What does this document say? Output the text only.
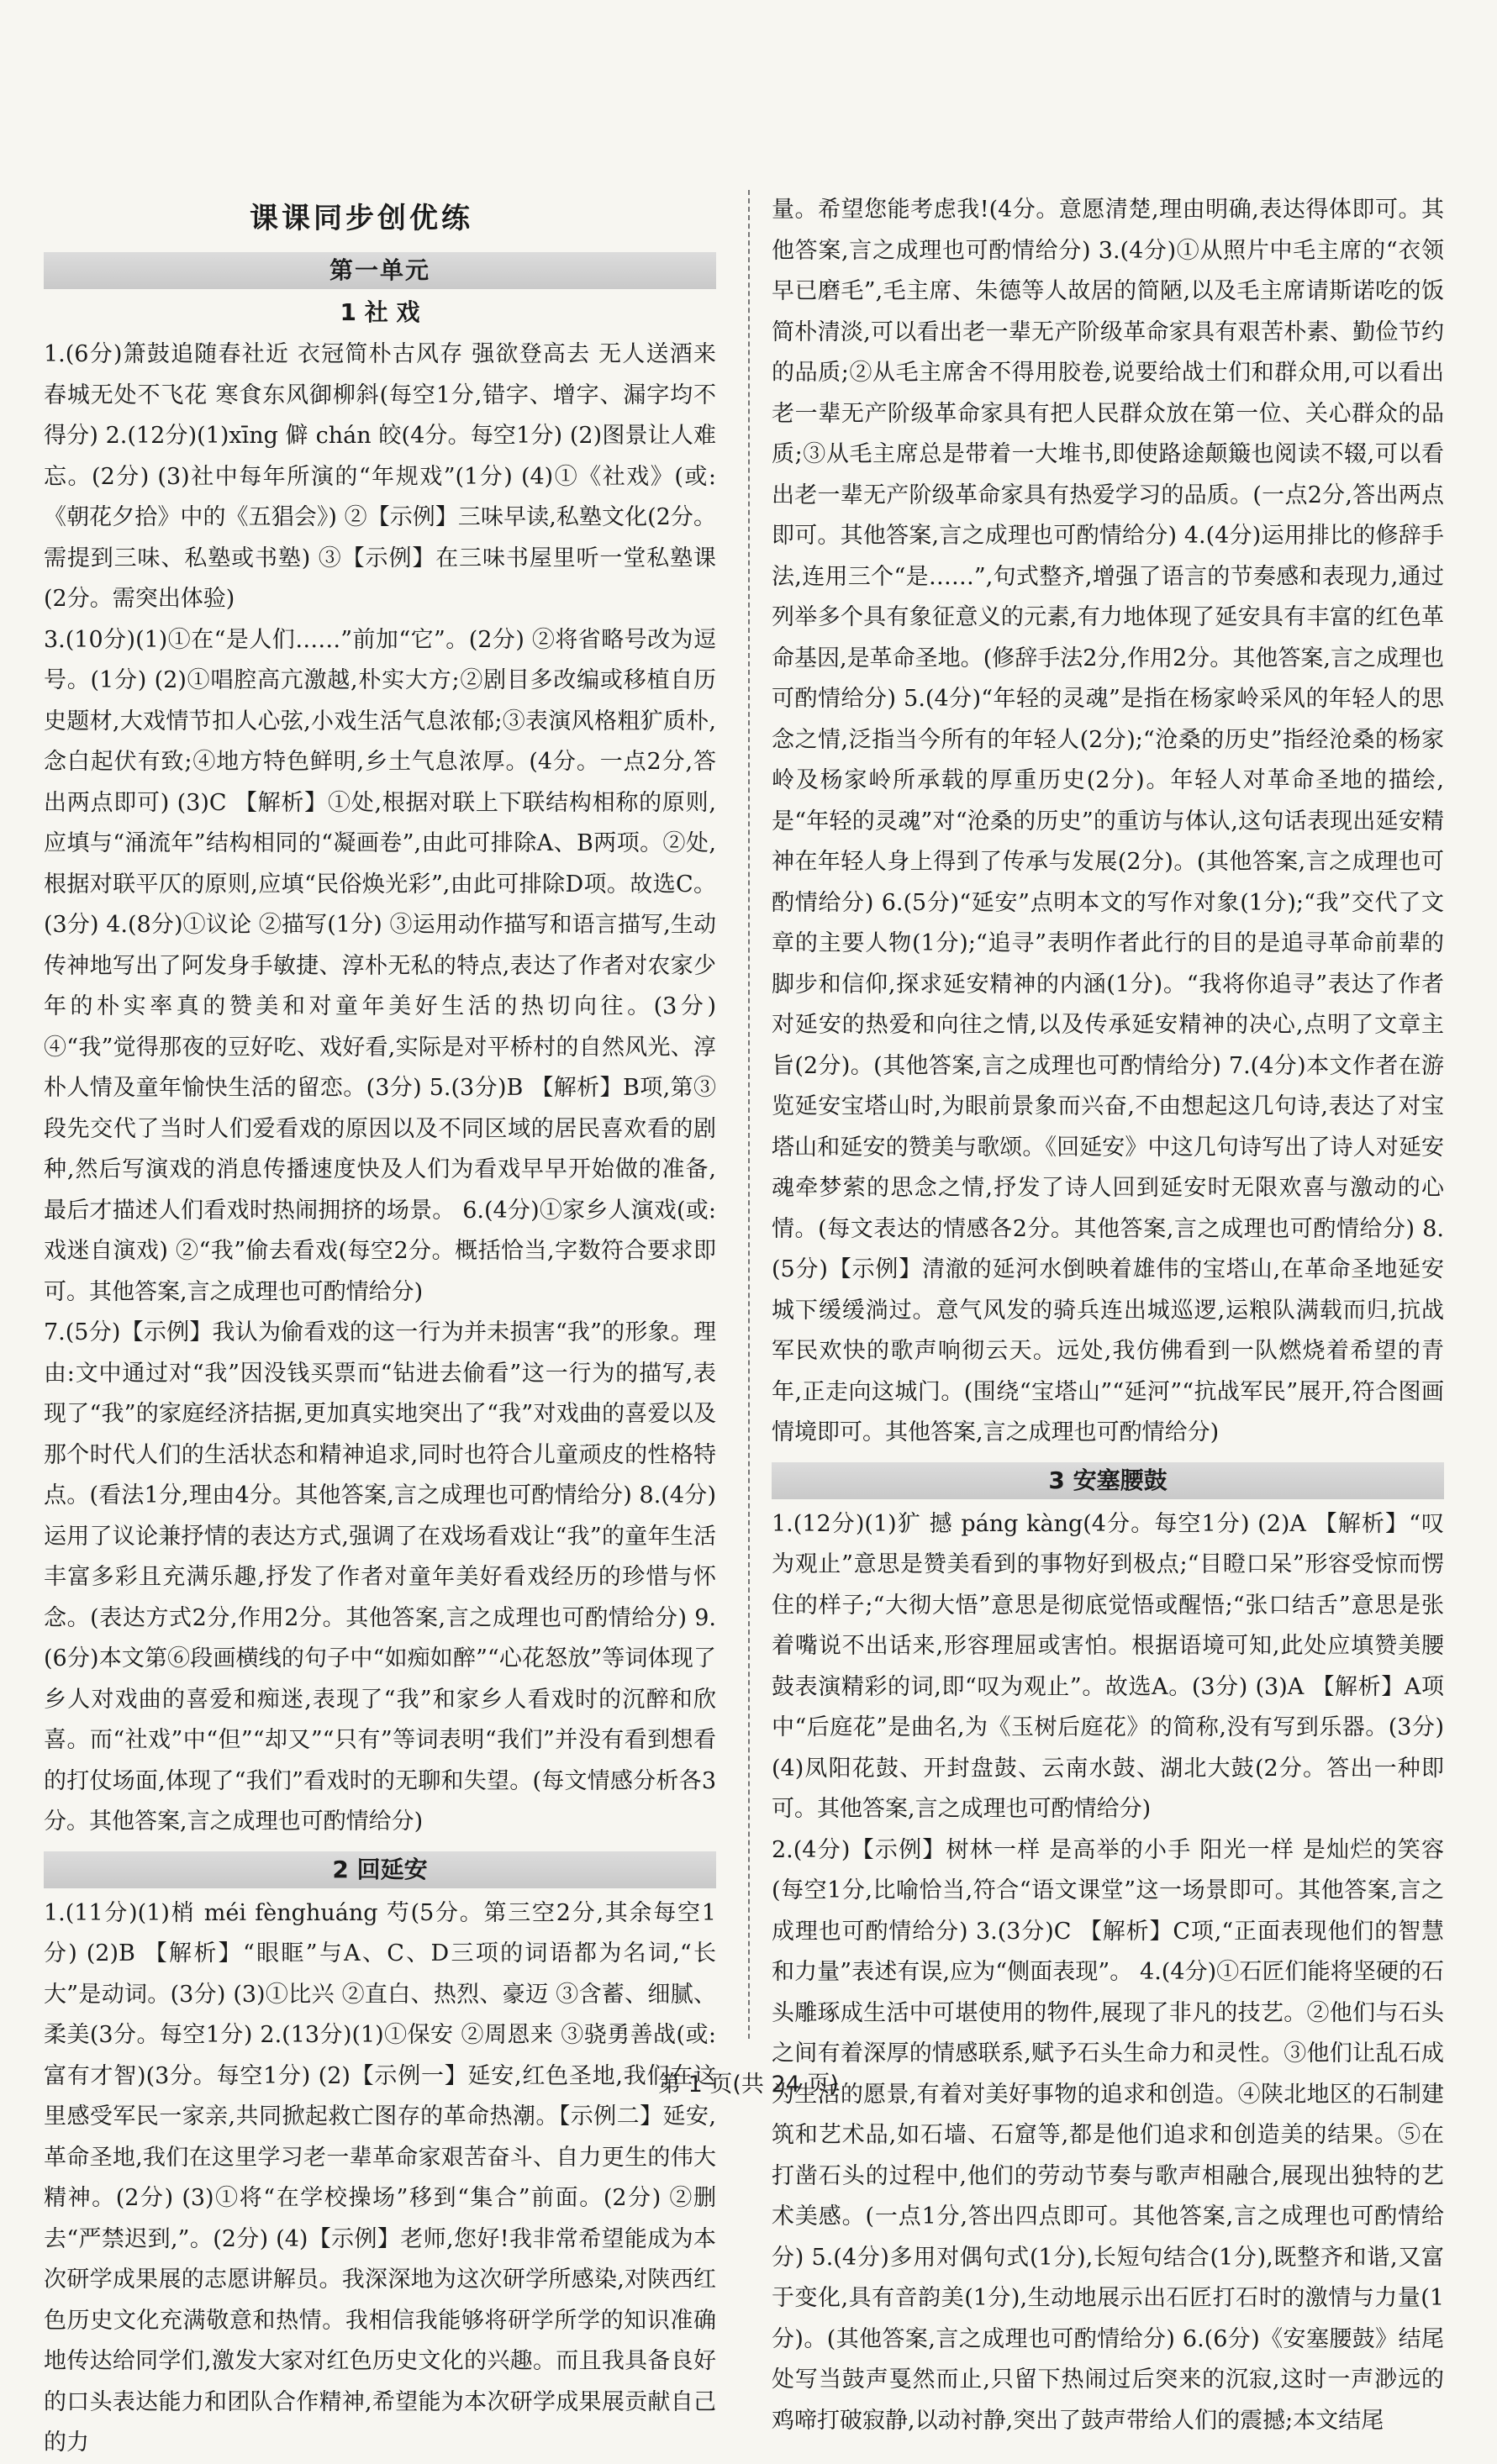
课课同步创优练
第一单元
1 社 戏

1.(6分)箫鼓追随春社近 衣冠简朴古风存 强欲登高去 无人送酒来 春城无处不飞花 寒食东风御柳斜(每空1分,错字、增字、漏字均不得分) 2.(12分)(1)xīng 僻 chán 皎(4分。每空1分) (2)图景让人难忘。(2分) (3)社中每年所演的“年规戏”(1分) (4)①《社戏》(或:《朝花夕拾》中的《五猖会》) ②【示例】三味早读,私塾文化(2分。需提到三味、私塾或书塾) ③【示例】在三味书屋里听一堂私塾课(2分。需突出体验)

3.(10分)(1)①在“是人们……”前加“它”。(2分) ②将省略号改为逗号。(1分) (2)①唱腔高亢激越,朴实大方;②剧目多改编或移植自历史题材,大戏情节扣人心弦,小戏生活气息浓郁;③表演风格粗犷质朴,念白起伏有致;④地方特色鲜明,乡土气息浓厚。(4分。一点2分,答出两点即可) (3)C 【解析】①处,根据对联上下联结构相称的原则,应填与“涌流年”结构相同的“凝画卷”,由此可排除A、B两项。②处,根据对联平仄的原则,应填“民俗焕光彩”,由此可排除D项。故选C。(3分) 4.(8分)①议论 ②描写(1分) ③运用动作描写和语言描写,生动传神地写出了阿发身手敏捷、淳朴无私的特点,表达了作者对农家少年的朴实率真的赞美和对童年美好生活的热切向往。(3分) ④“我”觉得那夜的豆好吃、戏好看,实际是对平桥村的自然风光、淳朴人情及童年愉快生活的留恋。(3分) 5.(3分)B 【解析】B项,第③段先交代了当时人们爱看戏的原因以及不同区域的居民喜欢看的剧种,然后写演戏的消息传播速度快及人们为看戏早早开始做的准备,最后才描述人们看戏时热闹拥挤的场景。 6.(4分)①家乡人演戏(或:戏迷自演戏) ②“我”偷去看戏(每空2分。概括恰当,字数符合要求即可。其他答案,言之成理也可酌情给分)

7.(5分)【示例】我认为偷看戏的这一行为并未损害“我”的形象。理由:文中通过对“我”因没钱买票而“钻进去偷看”这一行为的描写,表现了“我”的家庭经济拮据,更加真实地突出了“我”对戏曲的喜爱以及那个时代人们的生活状态和精神追求,同时也符合儿童顽皮的性格特点。(看法1分,理由4分。其他答案,言之成理也可酌情给分) 8.(4分)运用了议论兼抒情的表达方式,强调了在戏场看戏让“我”的童年生活丰富多彩且充满乐趣,抒发了作者对童年美好看戏经历的珍惜与怀念。(表达方式2分,作用2分。其他答案,言之成理也可酌情给分) 9.(6分)本文第⑥段画横线的句子中“如痴如醉”“心花怒放”等词体现了乡人对戏曲的喜爱和痴迷,表现了“我”和家乡人看戏时的沉醉和欣喜。而“社戏”中“但”“却又”“只有”等词表明“我们”并没有看到想看的打仗场面,体现了“我们”看戏时的无聊和失望。(每文情感分析各3分。其他答案,言之成理也可酌情给分)

2 回延安

1.(11分)(1)梢 méi fènghuáng 芍(5分。第三空2分,其余每空1分) (2)B 【解析】“眼眶”与A、C、D三项的词语都为名词,“长大”是动词。(3分) (3)①比兴 ②直白、热烈、豪迈 ③含蓄、细腻、柔美(3分。每空1分) 2.(13分)(1)①保安 ②周恩来 ③骁勇善战(或:富有才智)(3分。每空1分) (2)【示例一】延安,红色圣地,我们在这里感受军民一家亲,共同掀起救亡图存的革命热潮。【示例二】延安,革命圣地,我们在这里学习老一辈革命家艰苦奋斗、自力更生的伟大精神。(2分) (3)①将“在学校操场”移到“集合”前面。(2分) ②删去“严禁迟到,”。(2分) (4)【示例】老师,您好!我非常希望能成为本次研学成果展的志愿讲解员。我深深地为这次研学所感染,对陕西红色历史文化充满敬意和热情。我相信我能够将研学所学的知识准确地传达给同学们,激发大家对红色历史文化的兴趣。而且我具备良好的口头表达能力和团队合作精神,希望能为本次研学成果展贡献自己的力

量。希望您能考虑我!(4分。意愿清楚,理由明确,表达得体即可。其他答案,言之成理也可酌情给分) 3.(4分)①从照片中毛主席的“衣领早已磨毛”,毛主席、朱德等人故居的简陋,以及毛主席请斯诺吃的饭简朴清淡,可以看出老一辈无产阶级革命家具有艰苦朴素、勤俭节约的品质;②从毛主席舍不得用胶卷,说要给战士们和群众用,可以看出老一辈无产阶级革命家具有把人民群众放在第一位、关心群众的品质;③从毛主席总是带着一大堆书,即使路途颠簸也阅读不辍,可以看出老一辈无产阶级革命家具有热爱学习的品质。(一点2分,答出两点即可。其他答案,言之成理也可酌情给分) 4.(4分)运用排比的修辞手法,连用三个“是……”,句式整齐,增强了语言的节奏感和表现力,通过列举多个具有象征意义的元素,有力地体现了延安具有丰富的红色革命基因,是革命圣地。(修辞手法2分,作用2分。其他答案,言之成理也可酌情给分) 5.(4分)“年轻的灵魂”是指在杨家岭采风的年轻人的思念之情,泛指当今所有的年轻人(2分);“沧桑的历史”指经沧桑的杨家岭及杨家岭所承载的厚重历史(2分)。年轻人对革命圣地的描绘,是“年轻的灵魂”对“沧桑的历史”的重访与体认,这句话表现出延安精神在年轻人身上得到了传承与发展(2分)。(其他答案,言之成理也可酌情给分) 6.(5分)“延安”点明本文的写作对象(1分);“我”交代了文章的主要人物(1分);“追寻”表明作者此行的目的是追寻革命前辈的脚步和信仰,探求延安精神的内涵(1分)。“我将你追寻”表达了作者对延安的热爱和向往之情,以及传承延安精神的决心,点明了文章主旨(2分)。(其他答案,言之成理也可酌情给分) 7.(4分)本文作者在游览延安宝塔山时,为眼前景象而兴奋,不由想起这几句诗,表达了对宝塔山和延安的赞美与歌颂。《回延安》中这几句诗写出了诗人对延安魂牵梦萦的思念之情,抒发了诗人回到延安时无限欢喜与激动的心情。(每文表达的情感各2分。其他答案,言之成理也可酌情给分) 8.(5分)【示例】清澈的延河水倒映着雄伟的宝塔山,在革命圣地延安城下缓缓淌过。意气风发的骑兵连出城巡逻,运粮队满载而归,抗战军民欢快的歌声响彻云天。远处,我仿佛看到一队燃烧着希望的青年,正走向这城门。(围绕“宝塔山”“延河”“抗战军民”展开,符合图画情境即可。其他答案,言之成理也可酌情给分)

3 安塞腰鼓

1.(12分)(1)犷 撼 páng kàng(4分。每空1分) (2)A 【解析】“叹为观止”意思是赞美看到的事物好到极点;“目瞪口呆”形容受惊而愣住的样子;“大彻大悟”意思是彻底觉悟或醒悟;“张口结舌”意思是张着嘴说不出话来,形容理屈或害怕。根据语境可知,此处应填赞美腰鼓表演精彩的词,即“叹为观止”。故选A。(3分) (3)A 【解析】A项中“后庭花”是曲名,为《玉树后庭花》的简称,没有写到乐器。(3分) (4)凤阳花鼓、开封盘鼓、云南水鼓、湖北大鼓(2分。答出一种即可。其他答案,言之成理也可酌情给分)

2.(4分)【示例】树林一样 是高举的小手 阳光一样 是灿烂的笑容(每空1分,比喻恰当,符合“语文课堂”这一场景即可。其他答案,言之成理也可酌情给分) 3.(3分)C 【解析】C项,“正面表现他们的智慧和力量”表述有误,应为“侧面表现”。 4.(4分)①石匠们能将坚硬的石头雕琢成生活中可堪使用的物件,展现了非凡的技艺。②他们与石头之间有着深厚的情感联系,赋予石头生命力和灵性。③他们让乱石成为生活的愿景,有着对美好事物的追求和创造。④陕北地区的石制建筑和艺术品,如石墙、石窟等,都是他们追求和创造美的结果。⑤在打凿石头的过程中,他们的劳动节奏与歌声相融合,展现出独特的艺术美感。(一点1分,答出四点即可。其他答案,言之成理也可酌情给分) 5.(4分)多用对偶句式(1分),长短句结合(1分),既整齐和谐,又富于变化,具有音韵美(1分),生动地展示出石匠打石时的激情与力量(1分)。(其他答案,言之成理也可酌情给分) 6.(6分)《安塞腰鼓》结尾处写当鼓声戛然而止,只留下热闹过后突来的沉寂,这时一声渺远的鸡啼打破寂静,以动衬静,突出了鼓声带给人们的震撼;本文结尾

第 1 页(共 24 页)
